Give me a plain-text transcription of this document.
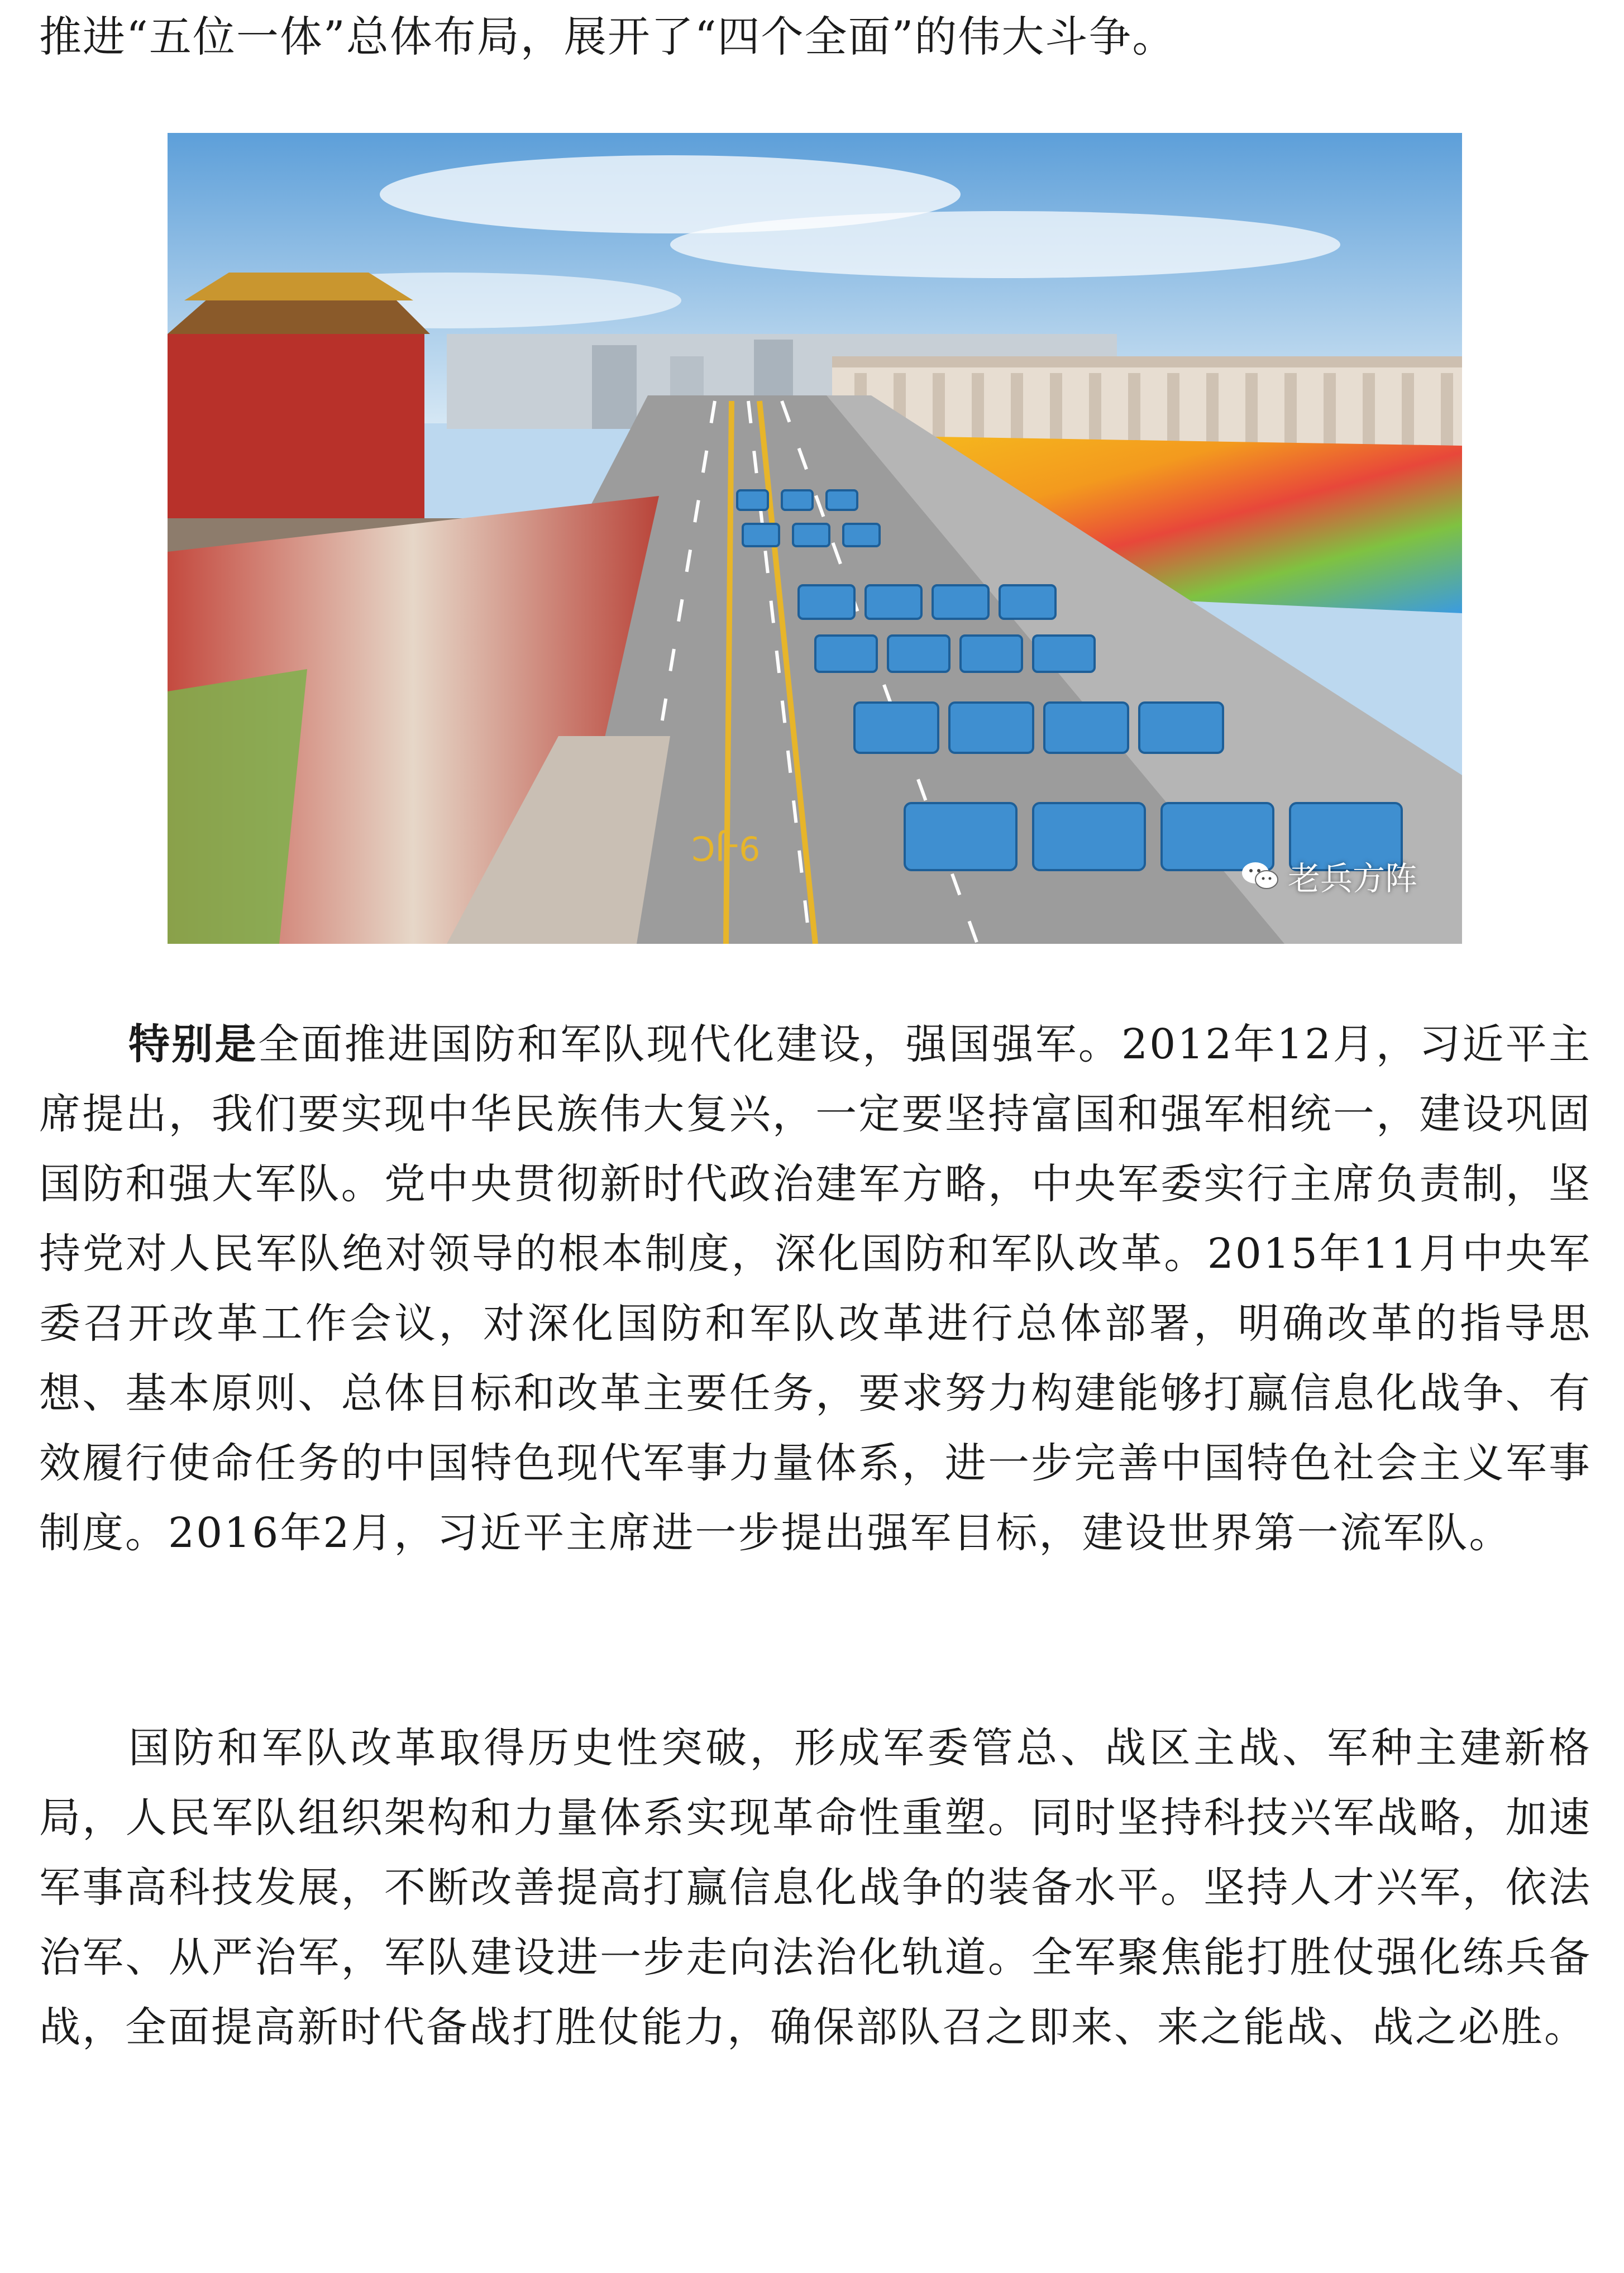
推进“五位一体”总体布局，展开了“四个全面”的伟大斗争。
9-JC
老兵方阵

特别是全面推进国防和军队现代化建设，强国强军。2012年12月，习近平主席提出，我们要实现中华民族伟大复兴，一定要坚持富国和强军相统一，建设巩固国防和强大军队。党中央贯彻新时代政治建军方略，中央军委实行主席负责制，坚持党对人民军队绝对领导的根本制度，深化国防和军队改革。2015年11月中央军委召开改革工作会议，对深化国防和军队改革进行总体部署，明确改革的指导思想、基本原则、总体目标和改革主要任务，要求努力构建能够打赢信息化战争、有效履行使命任务的中国特色现代军事力量体系，进一步完善中国特色社会主义军事制度。2016年2月，习近平主席进一步提出强军目标，建设世界第一流军队。

国防和军队改革取得历史性突破，形成军委管总、战区主战、军种主建新格局，人民军队组织架构和力量体系实现革命性重塑。同时坚持科技兴军战略，加速军事高科技发展，不断改善提高打赢信息化战争的装备水平。坚持人才兴军，依法治军、从严治军，军队建设进一步走向法治化轨道。全军聚焦能打胜仗强化练兵备战，全面提高新时代备战打胜仗能力，确保部队召之即来、来之能战、战之必胜。
